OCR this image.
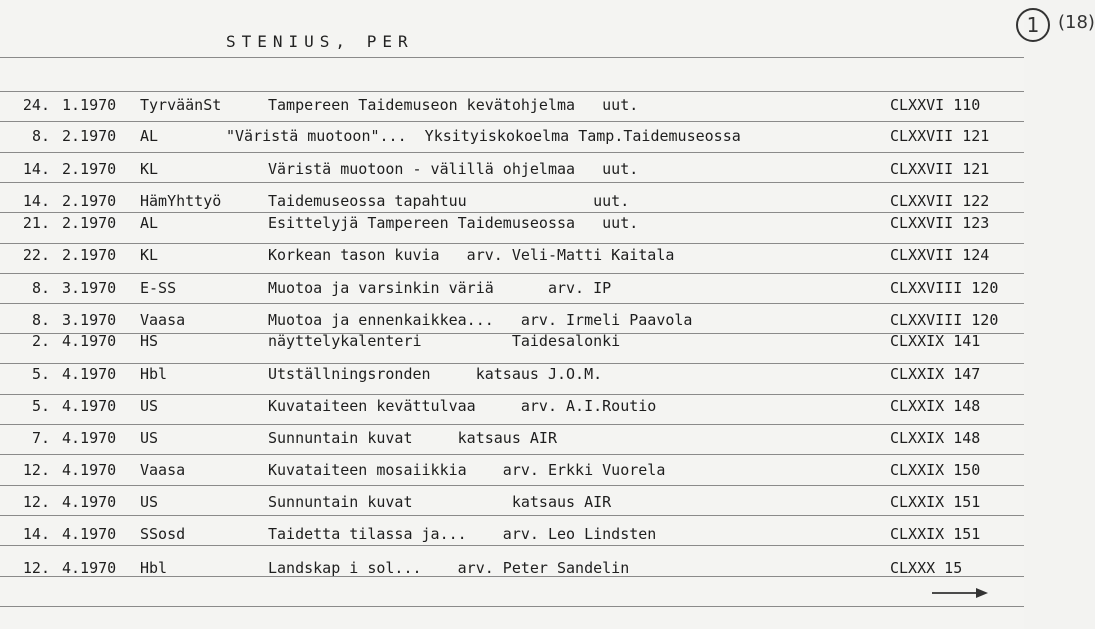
STENIUS, PER
1	(18)
24. 1.1970 TyrväänSt	Tampereen Taidemuseon kevätohjelma   uut.	CLXXVI 110
8. 2.1970 AL	"Väristä muotoon"...  Yksityiskokoelma Tamp.Taidemuseossa	CLXXVII 121
14. 2.1970 KL	Väristä muotoon - välillä ohjelmaa   uut.	CLXXVII 121
14. 2.1970 HämYhttyö	Taidemuseossa tapahtuu              uut.	CLXXVII 122
21. 2.1970 AL	Esittelyjä Tampereen Taidemuseossa   uut.	CLXXVII 123
22. 2.1970 KL	Korkean tason kuvia   arv. Veli-Matti Kaitala	CLXXVII 124
8. 3.1970 E-SS	Muotoa ja varsinkin väriä      arv. IP	CLXXVIII 120
8. 3.1970 Vaasa	Muotoa ja ennenkaikkea...   arv. Irmeli Paavola	CLXXVIII 120
2. 4.1970 HS	näyttelykalenteri          Taidesalonki	CLXXIX 141
5. 4.1970 Hbl	Utställningsronden     katsaus J.O.M.	CLXXIX 147
5. 4.1970 US	Kuvataiteen kevättulvaa     arv. A.I.Routio	CLXXIX 148
7. 4.1970 US	Sunnuntain kuvat     katsaus AIR	CLXXIX 148
12. 4.1970 Vaasa	Kuvataiteen mosaiikkia    arv. Erkki Vuorela	CLXXIX 150
12. 4.1970 US	Sunnuntain kuvat           katsaus AIR	CLXXIX 151
14. 4.1970 SSosd	Taidetta tilassa ja...    arv. Leo Lindsten	CLXXIX 151
12. 4.1970 Hbl	Landskap i sol...    arv. Peter Sandelin	CLXXX 15
